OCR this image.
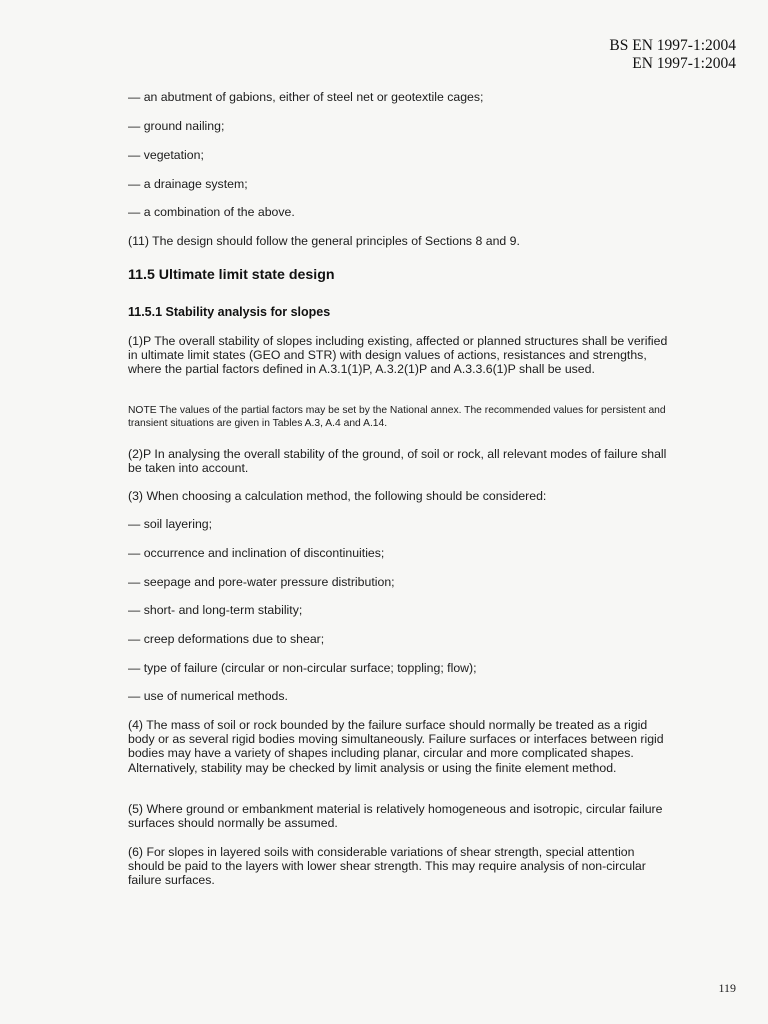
BS EN 1997-1:2004
EN 1997-1:2004

— an abutment of gabions, either of steel net or geotextile cages;

— ground nailing;

— vegetation;

— a drainage system;

— a combination of the above.

(11) The design should follow the general principles of Sections 8 and 9.

11.5 Ultimate limit state design
11.5.1 Stability analysis for slopes

(1)P The overall stability of slopes including existing, affected or planned structures shall be verified in ultimate limit states (GEO and STR) with design values of actions, resistances and strengths, where the partial factors defined in A.3.1(1)P, A.3.2(1)P and A.3.3.6(1)P shall be used.

NOTE The values of the partial factors may be set by the National annex. The recommended values for persistent and transient situations are given in Tables A.3, A.4 and A.14.

(2)P In analysing the overall stability of the ground, of soil or rock, all relevant modes of failure shall be taken into account.

(3) When choosing a calculation method, the following should be considered:

— soil layering;

— occurrence and inclination of discontinuities;

— seepage and pore-water pressure distribution;

— short- and long-term stability;

— creep deformations due to shear;

— type of failure (circular or non-circular surface; toppling; flow);

— use of numerical methods.

(4) The mass of soil or rock bounded by the failure surface should normally be treated as a rigid body or as several rigid bodies moving simultaneously. Failure surfaces or interfaces between rigid bodies may have a variety of shapes including planar, circular and more complicated shapes. Alternatively, stability may be checked by limit analysis or using the finite element method.

(5) Where ground or embankment material is relatively homogeneous and isotropic, circular failure surfaces should normally be assumed.

(6) For slopes in layered soils with considerable variations of shear strength, special attention should be paid to the layers with lower shear strength. This may require analysis of non-circular failure surfaces.

119
